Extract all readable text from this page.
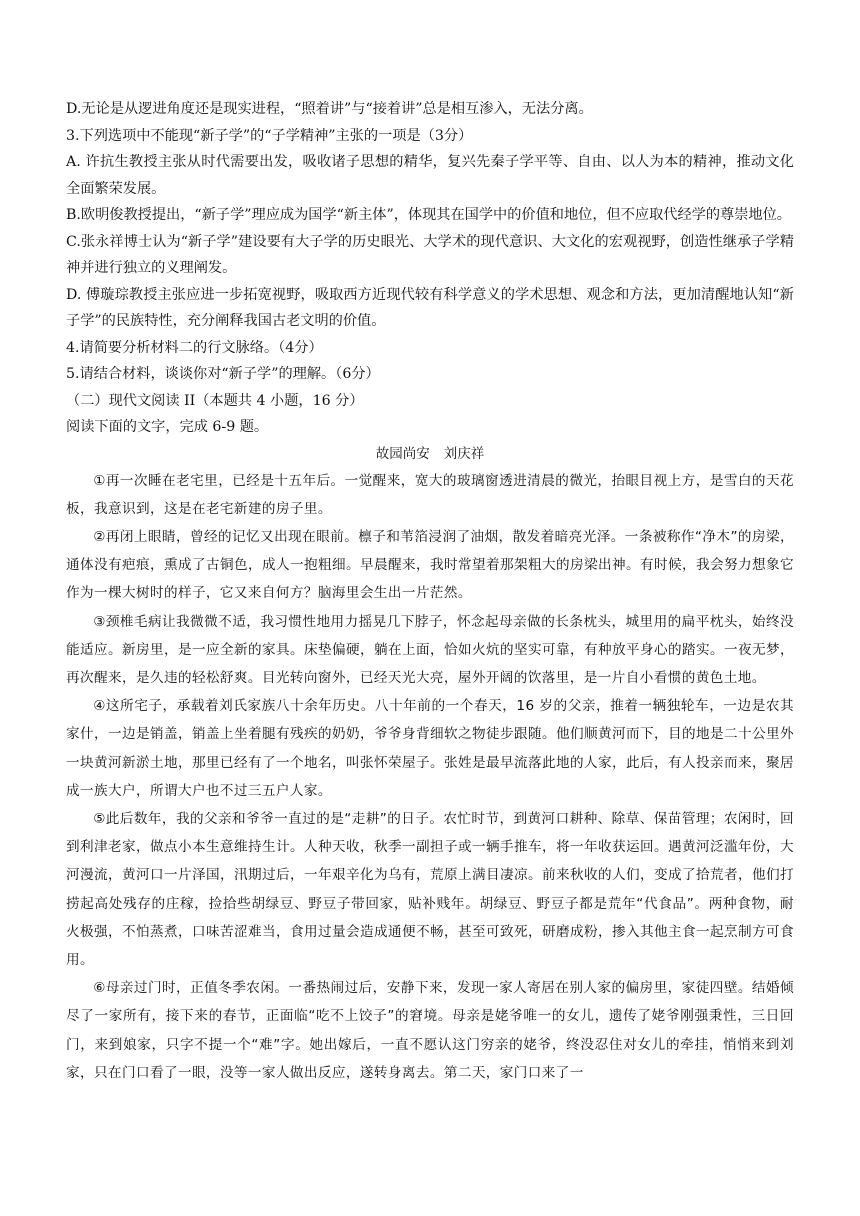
D.无论是从逻进角度还是现实进程，“照着讲”与“接着讲”总是相互渗入，无法分离。

3.下列选项中不能现“新子学”的“子学精神”主张的一项是（3分）

A. 许抗生教授主张从时代需要出发，吸收诸子思想的精华，复兴先秦子学平等、自由、以人为本的精神，推动文化全面繁荣发展。

B.欧明俊教授提出，“新子学”理应成为国学“新主体”，体现其在国学中的价值和地位，但不应取代经学的尊崇地位。

C.张永祥博士认为“新子学”建设要有大子学的历史眼光、大学术的现代意识、大文化的宏观视野，创造性继承子学精神并进行独立的义理阐发。

D. 傅璇琮教授主张应进一步拓宽视野，吸取西方近现代较有科学意义的学术思想、观念和方法，更加清醒地认知“新子学”的民族特性，充分阐释我国古老文明的价值。

4.请简要分析材料二的行文脉络。（4分）

5.请结合材料，谈谈你对“新子学”的理解。（6分）

（二）现代文阅读 II（本题共 4 小题，16 分）

阅读下面的文字，完成 6-9 题。

故园尚安 刘庆祥

①再一次睡在老宅里，已经是十五年后。一觉醒来，宽大的玻璃窗透进清晨的微光，抬眼目视上方，是雪白的天花板，我意识到，这是在老宅新建的房子里。

②再闭上眼睛，曾经的记忆又出现在眼前。檩子和苇箔浸润了油烟，散发着暗亮光泽。一条被称作“净木”的房梁，通体没有疤痕，熏成了古铜色，成人一抱粗细。早晨醒来，我时常望着那架粗大的房梁出神。有时候，我会努力想象它作为一棵大树时的样子，它又来自何方？脑海里会生出一片茫然。

③颈椎毛病让我微微不适，我习惯性地用力摇晃几下脖子，怀念起母亲做的长条枕头，城里用的扁平枕头，始终没能适应。新房里，是一应全新的家具。床垫偏硬，躺在上面，恰如火炕的坚实可靠，有种放平身心的踏实。一夜无梦，再次醒来，是久违的轻松舒爽。目光转向窗外，已经天光大亮，屋外开阔的饮落里，是一片自小看惯的黄色土地。

④这所宅子，承载着刘氏家族八十余年历史。八十年前的一个春天，16 岁的父亲，推着一辆独轮车，一边是农其家什，一边是销盖，销盖上坐着腿有残疾的奶奶，爷爷身背细软之物徒步跟随。他们顺黄河而下，目的地是二十公里外一块黄河新淤土地，那里已经有了一个地名，叫张怀荣屋子。张姓是最早流落此地的人家，此后，有人投亲而来，聚居成一族大户，所谓大户也不过三五户人家。

⑤此后数年，我的父亲和爷爷一直过的是“走耕”的日子。农忙时节，到黄河口耕种、除草、保苗管理；农闲时，回到利津老家，做点小本生意维持生计。人种天收，秋季一副担子或一辆手推车，将一年收获运回。遇黄河泛滥年份，大河漫流，黄河口一片泽国，汛期过后，一年艰辛化为乌有，荒原上满目凄凉。前来秋收的人们，变成了拾荒者，他们打捞起高处残存的庄稼，捡拾些胡绿豆、野豆子带回家，贴补贱年。胡绿豆、野豆子都是荒年“代食品”。两种食物，耐火极强，不怕蒸煮，口味苦涩难当，食用过量会造成通便不畅，甚至可致死，研磨成粉，掺入其他主食一起烹制方可食用。

⑥母亲过门时，正值冬季农闲。一番热闹过后，安静下来，发现一家人寄居在别人家的偏房里，家徒四壁。结婚倾尽了一家所有，接下来的春节，正面临“吃不上饺子”的窘境。母亲是姥爷唯一的女儿，遗传了姥爷刚强秉性，三日回门，来到娘家，只字不提一个“难”字。她出嫁后，一直不愿认这门穷亲的姥爷，终没忍住对女儿的牵挂，悄悄来到刘家，只在门口看了一眼，没等一家人做出反应，遂转身离去。第二天，家门口来了一
